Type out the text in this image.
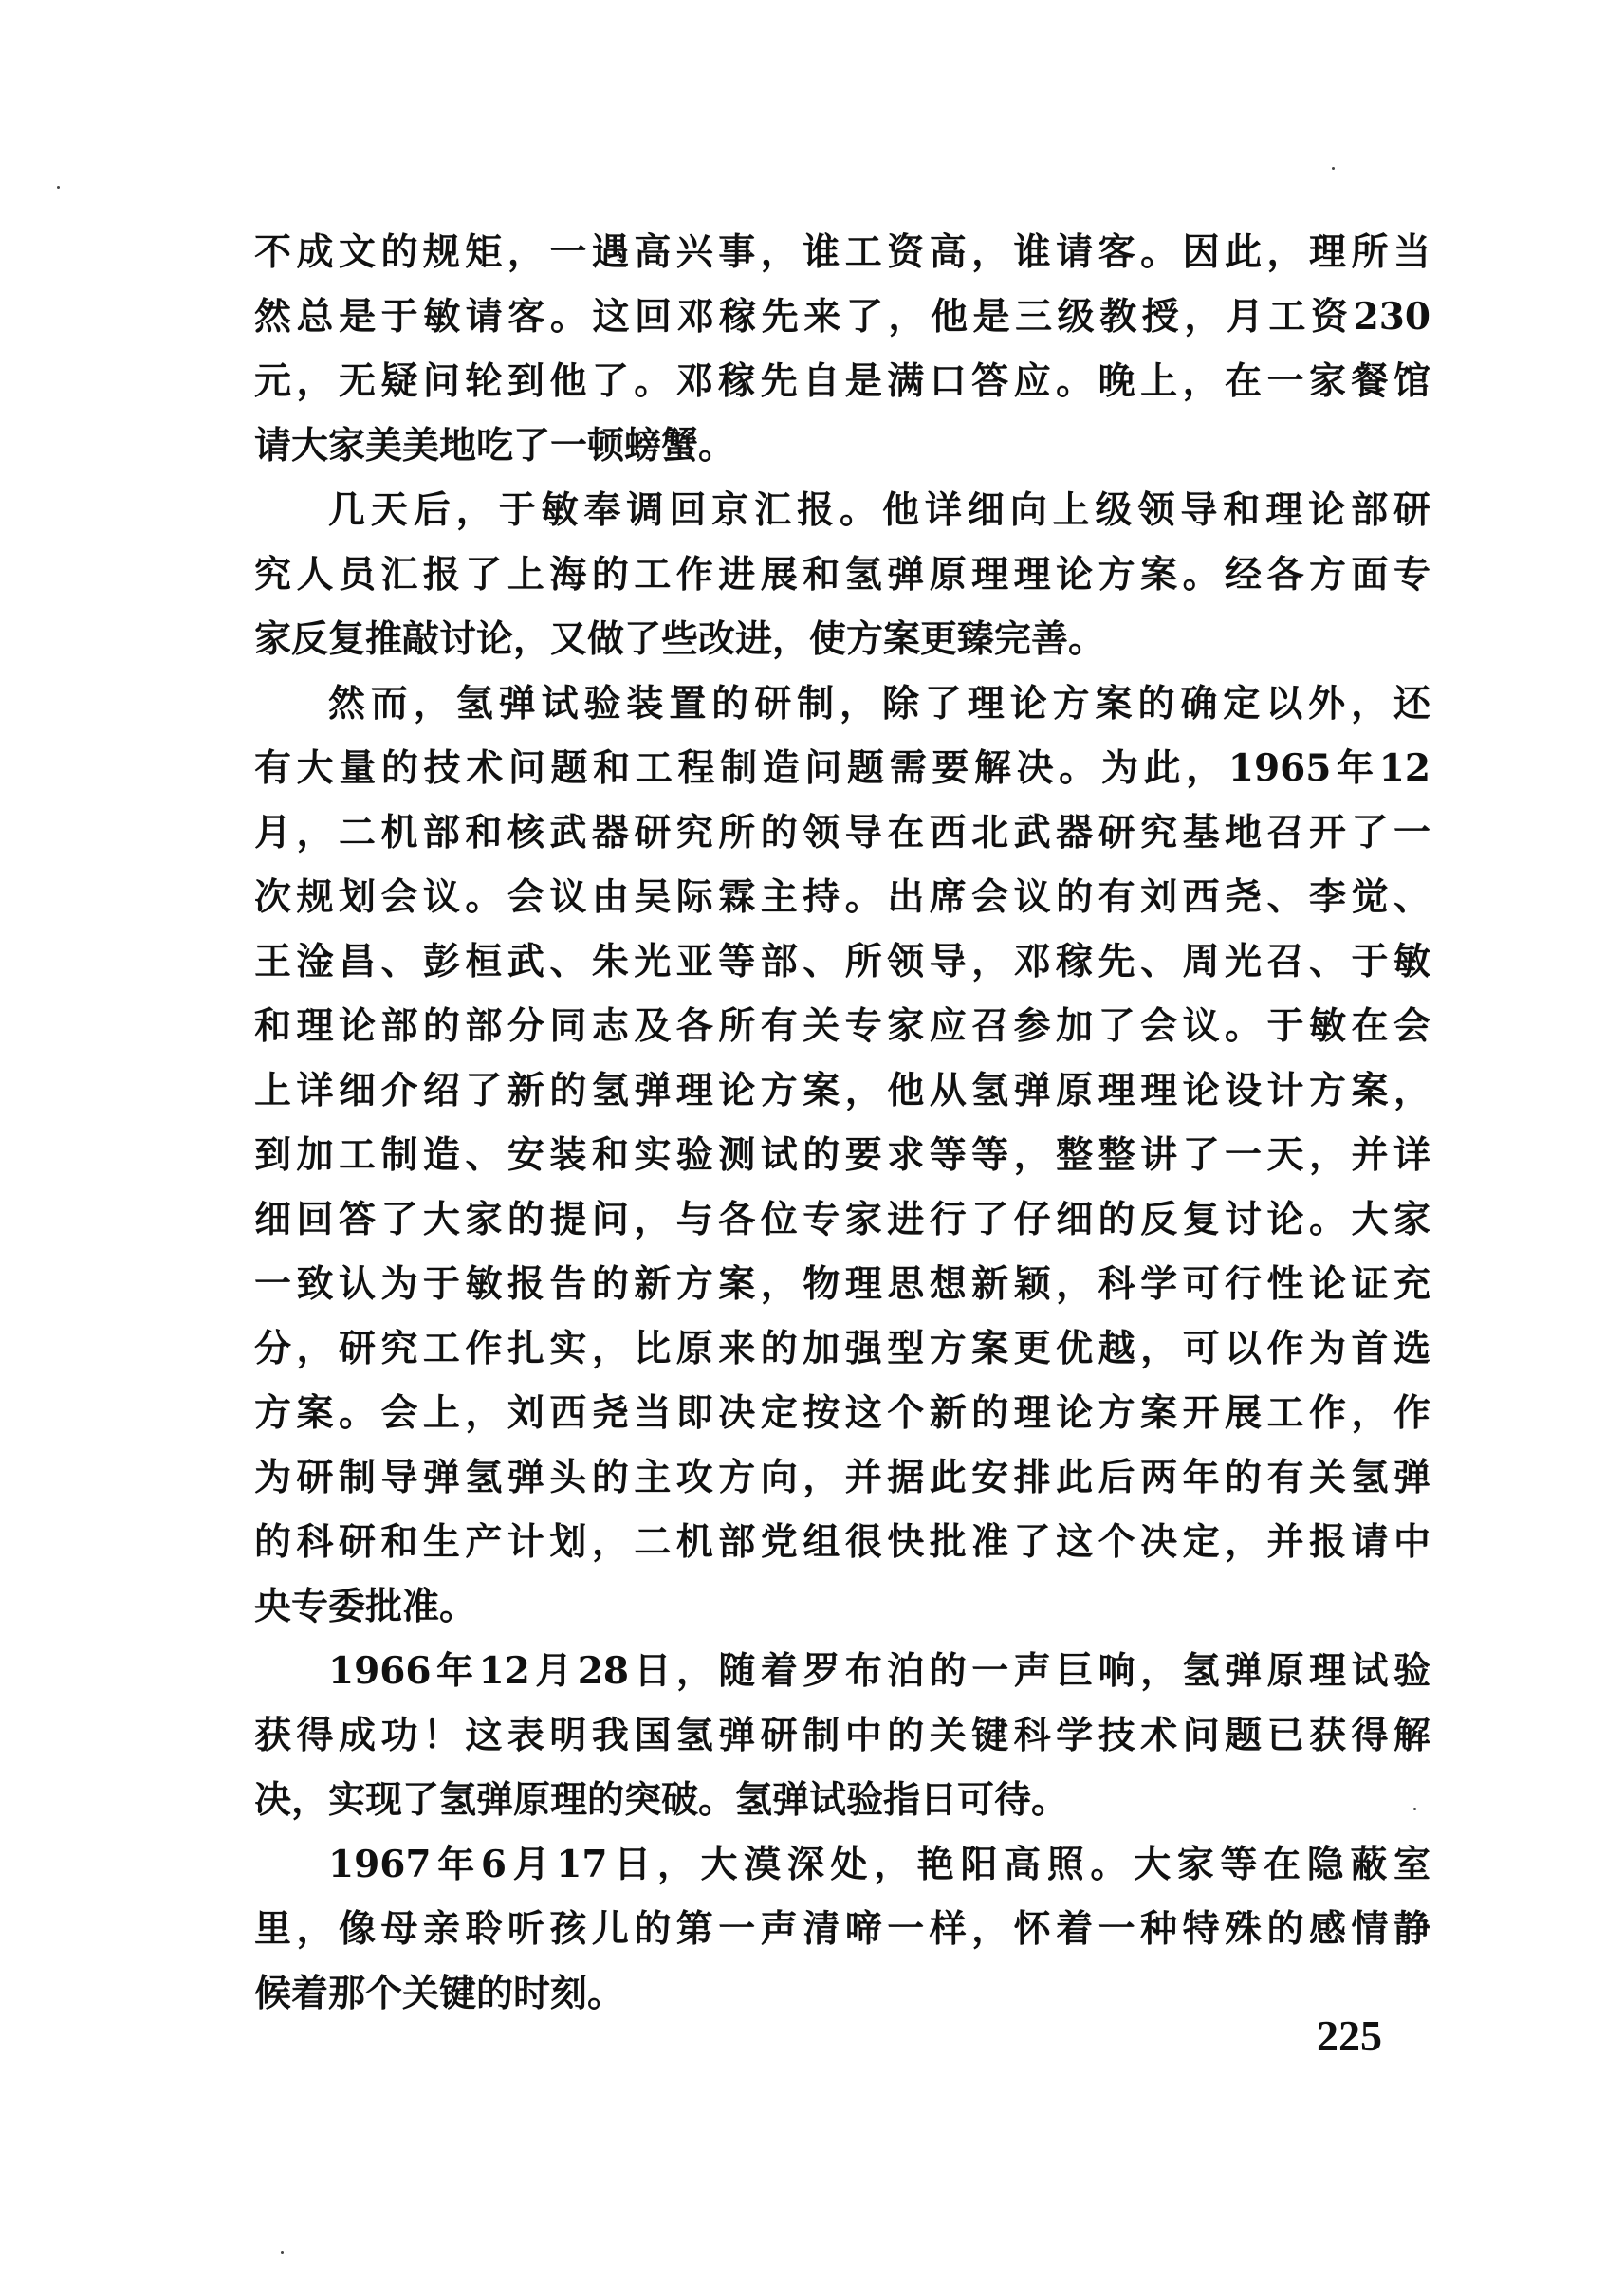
不成文的规矩，一遇高兴事，谁工资高，谁请客。因此，理所当
然总是于敏请客。这回邓稼先来了，他是三级教授，月工资230
元，无疑问轮到他了。邓稼先自是满口答应。晚上，在一家餐馆
请大家美美地吃了一顿螃蟹。
几天后，于敏奉调回京汇报。他详细向上级领导和理论部研
究人员汇报了上海的工作进展和氢弹原理理论方案。经各方面专
家反复推敲讨论，又做了些改进，使方案更臻完善。
然而，氢弹试验装置的研制，除了理论方案的确定以外，还
有大量的技术问题和工程制造问题需要解决。为此，1965年12
月，二机部和核武器研究所的领导在西北武器研究基地召开了一
次规划会议。会议由吴际霖主持。出席会议的有刘西尧、李觉、
王淦昌、彭桓武、朱光亚等部、所领导，邓稼先、周光召、于敏
和理论部的部分同志及各所有关专家应召参加了会议。于敏在会
上详细介绍了新的氢弹理论方案，他从氢弹原理理论设计方案，
到加工制造、安装和实验测试的要求等等，整整讲了一天，并详
细回答了大家的提问，与各位专家进行了仔细的反复讨论。大家
一致认为于敏报告的新方案，物理思想新颖，科学可行性论证充
分，研究工作扎实，比原来的加强型方案更优越，可以作为首选
方案。会上，刘西尧当即决定按这个新的理论方案开展工作，作
为研制导弹氢弹头的主攻方向，并据此安排此后两年的有关氢弹
的科研和生产计划，二机部党组很快批准了这个决定，并报请中
央专委批准。
1966年12月28日，随着罗布泊的一声巨响，氢弹原理试验
获得成功！这表明我国氢弹研制中的关键科学技术问题已获得解
决，实现了氢弹原理的突破。氢弹试验指日可待。
1967年6月17日，大漠深处，艳阳高照。大家等在隐蔽室
里，像母亲聆听孩儿的第一声清啼一样，怀着一种特殊的感情静
候着那个关键的时刻。
225
